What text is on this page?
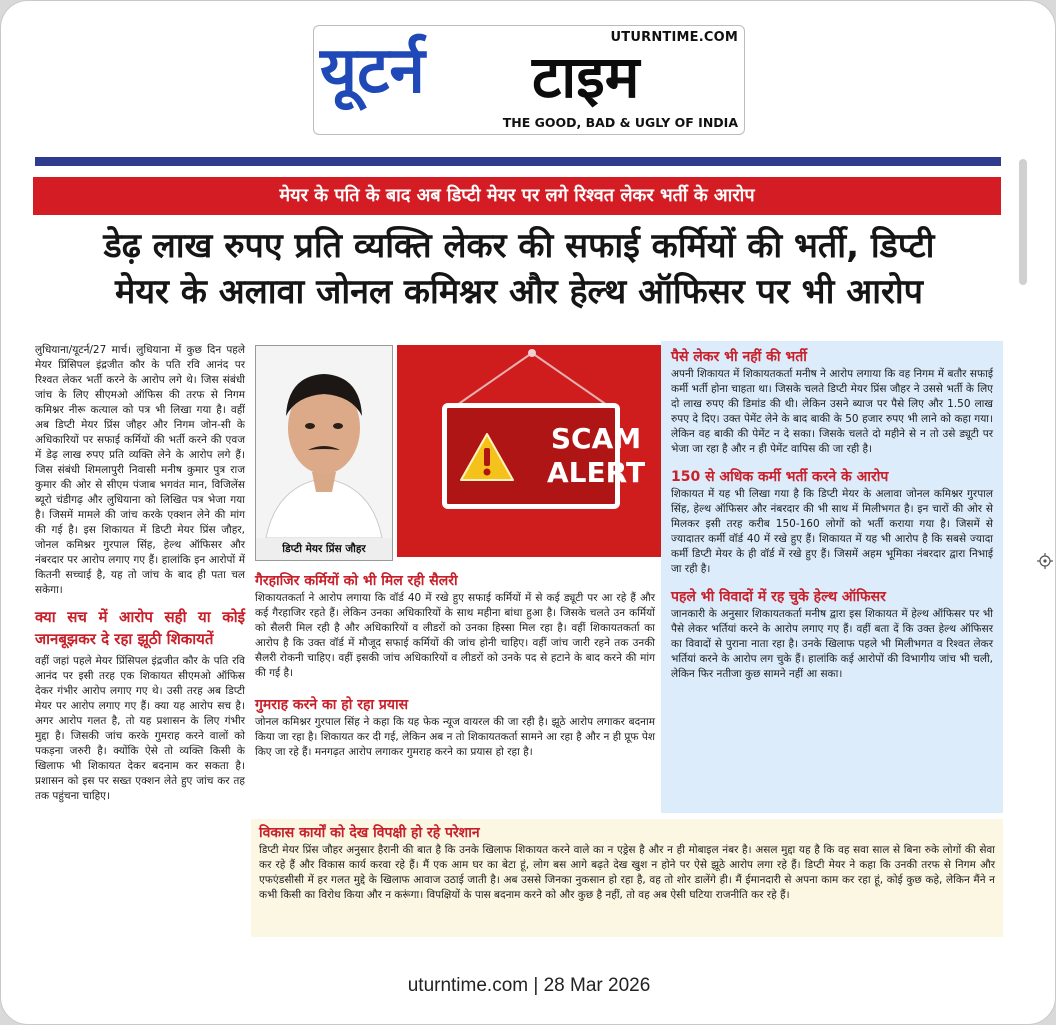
UTURNTIME.COM
यूटर्न टाइम
THE GOOD, BAD & UGLY OF INDIA
मेयर के पति के बाद अब डिप्टी मेयर पर लगे रिश्वत लेकर भर्ती के आरोप
डेढ़ लाख रुपए प्रति व्यक्ति लेकर की सफाई कर्मियों की भर्ती, डिप्टी
मेयर के अलावा जोनल कमिश्नर और हेल्थ ऑफिसर पर भी आरोप
लुधियाना/यूटर्न/27 मार्च। लुधियाना में कुछ दिन पहले मेयर प्रिंसिपल इंद्रजीत कौर के पति रवि आनंद पर रिश्वत लेकर भर्ती करने के आरोप लगे थे। जिस संबंधी जांच के लिए सीएमओ ऑफिस की तरफ से निगम कमिश्नर नीरू कत्याल को पत्र भी लिखा गया है। वहीं अब डिप्टी मेयर प्रिंस जौहर और निगम जोन-सी के अधिकारियों पर सफाई कर्मियों की भर्ती करने की एवज में डेढ़ लाख रुपए प्रति व्यक्ति लेने के आरोप लगे हैं। जिस संबंधी शिमलापुरी निवासी मनीष कुमार पुत्र राज कुमार की ओर से सीएम पंजाब भगवंत मान, विजिलेंस ब्यूरो चंडीगढ़ और लुधियाना को लिखित पत्र भेजा गया है। जिसमें मामले की जांच करके एक्शन लेने की मांग की गई है। इस शिकायत में डिप्टी मेयर प्रिंस जौहर, जोनल कमिश्नर गुरपाल सिंह, हेल्थ ऑफिसर और नंबरदार पर आरोप लगाए गए हैं। हालांकि इन आरोपों में कितनी सच्चाई है, यह तो जांच के बाद ही पता चल सकेगा।
क्या सच में आरोप सही या कोई जानबूझकर दे रहा झूठी शिकायतें
वहीं जहां पहले मेयर प्रिंसिपल इंद्रजीत कौर के पति रवि आनंद पर इसी तरह एक शिकायत सीएमओ ऑफिस देकर गंभीर आरोप लगाए गए थे। उसी तरह अब डिप्टी मेयर पर आरोप लगाए गए हैं। क्या यह आरोप सच है। अगर आरोप गलत है, तो यह प्रशासन के लिए गंभीर मुद्दा है। जिसकी जांच करके गुमराह करने वालों को पकड़ना जरुरी है। क्योंकि ऐसे तो व्यक्ति किसी के खिलाफ भी शिकायत देकर बदनाम कर सकता है। प्रशासन को इस पर सख्त एक्शन लेते हुए जांच कर तह तक पहुंचना चाहिए।
डिप्टी मेयर प्रिंस जौहर
SCAM
ALERT
गैरहाजिर कर्मियों को भी मिल रही सैलरी
शिकायतकर्ता ने आरोप लगाया कि वॉर्ड 40 में रखे हुए सफाई कर्मियों में से कई ड्यूटी पर आ रहे हैं और कई गैरहाजिर रहते हैं। लेकिन उनका अधिकारियों के साथ महीना बांधा हुआ है। जिसके चलते उन कर्मियों को सैलरी मिल रही है और अधिकारियों व लीडरों को उनका हिस्सा मिल रहा है। वहीं शिकायतकर्ता का आरोप है कि उक्त वॉर्ड में मौजूद सफाई कर्मियों की जांच होनी चाहिए। वहीं जांच जारी रहने तक उनकी सैलरी रोकनी चाहिए। वहीं इसकी जांच अधिकारियों व लीडरों को उनके पद से हटाने के बाद करने की मांग की गई है।
गुमराह करने का हो रहा प्रयास
जोनल कमिश्नर गुरपाल सिंह ने कहा कि यह फेक न्यूज वायरल की जा रही है। झूठे आरोप लगाकर बदनाम किया जा रहा है। शिकायत कर दी गई, लेकिन अब न तो शिकायतकर्ता सामने आ रहा है और न ही प्रूफ पेश किए जा रहे हैं। मनगढ़त आरोप लगाकर गुमराह करने का प्रयास हो रहा है।
पैसे लेकर भी नहीं की भर्ती
अपनी शिकायत में शिकायतकर्ता मनीष ने आरोप लगाया कि वह निगम में बतौर सफाई कर्मी भर्ती होना चाहता था। जिसके चलते डिप्टी मेयर प्रिंस जौहर ने उससे भर्ती के लिए दो लाख रुपए की डिमांड की थी। लेकिन उसने ब्याज पर पैसे लिए और 1.50 लाख रुपए दे दिए। उक्त पेमेंट लेने के बाद बाकी के 50 हजार रुपए भी लाने को कहा गया। लेकिन वह बाकी की पेमेंट न दे सका। जिसके चलते दो महीने से न तो उसे ड्यूटी पर भेजा जा रहा है और न ही पेमेंट वापिस की जा रही है।
150 से अधिक कर्मी भर्ती करने के आरोप
शिकायत में यह भी लिखा गया है कि डिप्टी मेयर के अलावा जोनल कमिश्नर गुरपाल सिंह, हेल्थ ऑफिसर और नंबरदार की भी साथ में मिलीभगत है। इन चारों की ओर से मिलकर इसी तरह करीब 150-160 लोगों को भर्ती कराया गया है। जिसमें से ज्यादातर कर्मी वॉर्ड 40 में रखे हुए हैं। शिकायत में यह भी आरोप है कि सबसे ज्यादा कर्मी डिप्टी मेयर के ही वॉर्ड में रखे हुए हैं। जिसमें अहम भूमिका नंबरदार द्वारा निभाई जा रही है।
पहले भी विवादों में रह चुके हेल्थ ऑफिसर
जानकारी के अनुसार शिकायतकर्ता मनीष द्वारा इस शिकायत में हेल्थ ऑफिसर पर भी पैसे लेकर भर्तियां करने के आरोप लगाए गए हैं। वहीं बता दें कि उक्त हेल्थ ऑफिसर का विवादों से पुराना नाता रहा है। उनके खिलाफ पहले भी मिलीभगत व रिश्वत लेकर भर्तियां करने के आरोप लग चुके हैं। हालांकि कई आरोपों की विभागीय जांच भी चली, लेकिन फिर नतीजा कुछ सामने नहीं आ सका।
विकास कार्यों को देख विपक्षी हो रहे परेशान
डिप्टी मेयर प्रिंस जौहर अनुसार हैरानी की बात है कि उनके खिलाफ शिकायत करने वाले का न एड्रेस है और न ही मोबाइल नंबर है। असल मुद्दा यह है कि वह सवा साल से बिना रुके लोगों की सेवा कर रहे हैं और विकास कार्य करवा रहे हैं। मैं एक आम घर का बेटा हूं, लोग बस आगे बढ़ते देख खुश न होने पर ऐसे झूठे आरोप लगा रहे हैं। डिप्टी मेयर ने कहा कि उनकी तरफ से निगम और एफएंडसीसी में हर गलत मुद्दे के खिलाफ आवाज उठाई जाती है। अब उससे जिनका नुकसान हो रहा है, वह तो शोर डालेंगे ही। मैं ईमानदारी से अपना काम कर रहा हूं, कोई कुछ कहे, लेकिन मैंने न कभी किसी का विरोध किया और न करूंगा। विपक्षियों के पास बदनाम करने को और कुछ है नहीं, तो वह अब ऐसी घटिया राजनीति कर रहे हैं।
uturntime.com | 28 Mar 2026
